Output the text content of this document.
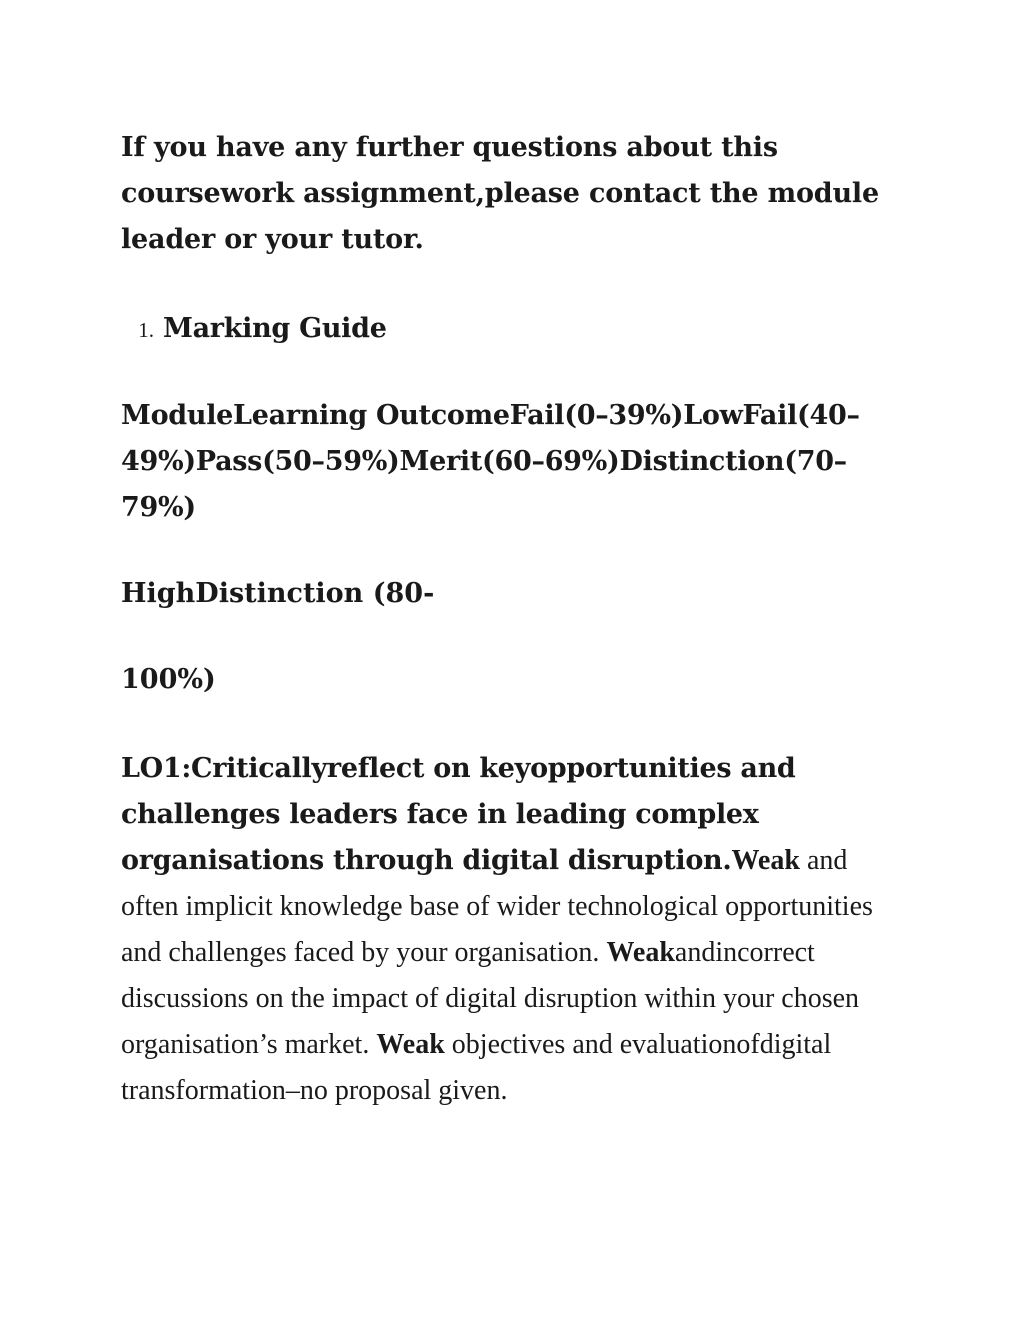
If you have any further questions about this coursework assignment,please contact the module leader or your tutor.

1. Marking Guide

ModuleLearning OutcomeFail(0–39%)LowFail(40–49%)Pass(50–59%)Merit(60–69%)Distinction(70–79%)

HighDistinction (80-

100%)

LO1:Criticallyreflect on keyopportunities and challenges leaders face in leading complex organisations through digital disruption.Weak and often implicit knowledge base of wider technological opportunities and challenges faced by your organisation. Weakandincorrect discussions on the impact of digital disruption within your chosen organisation’s market. Weak objectives and evaluationofdigital transformation–no proposal given.
